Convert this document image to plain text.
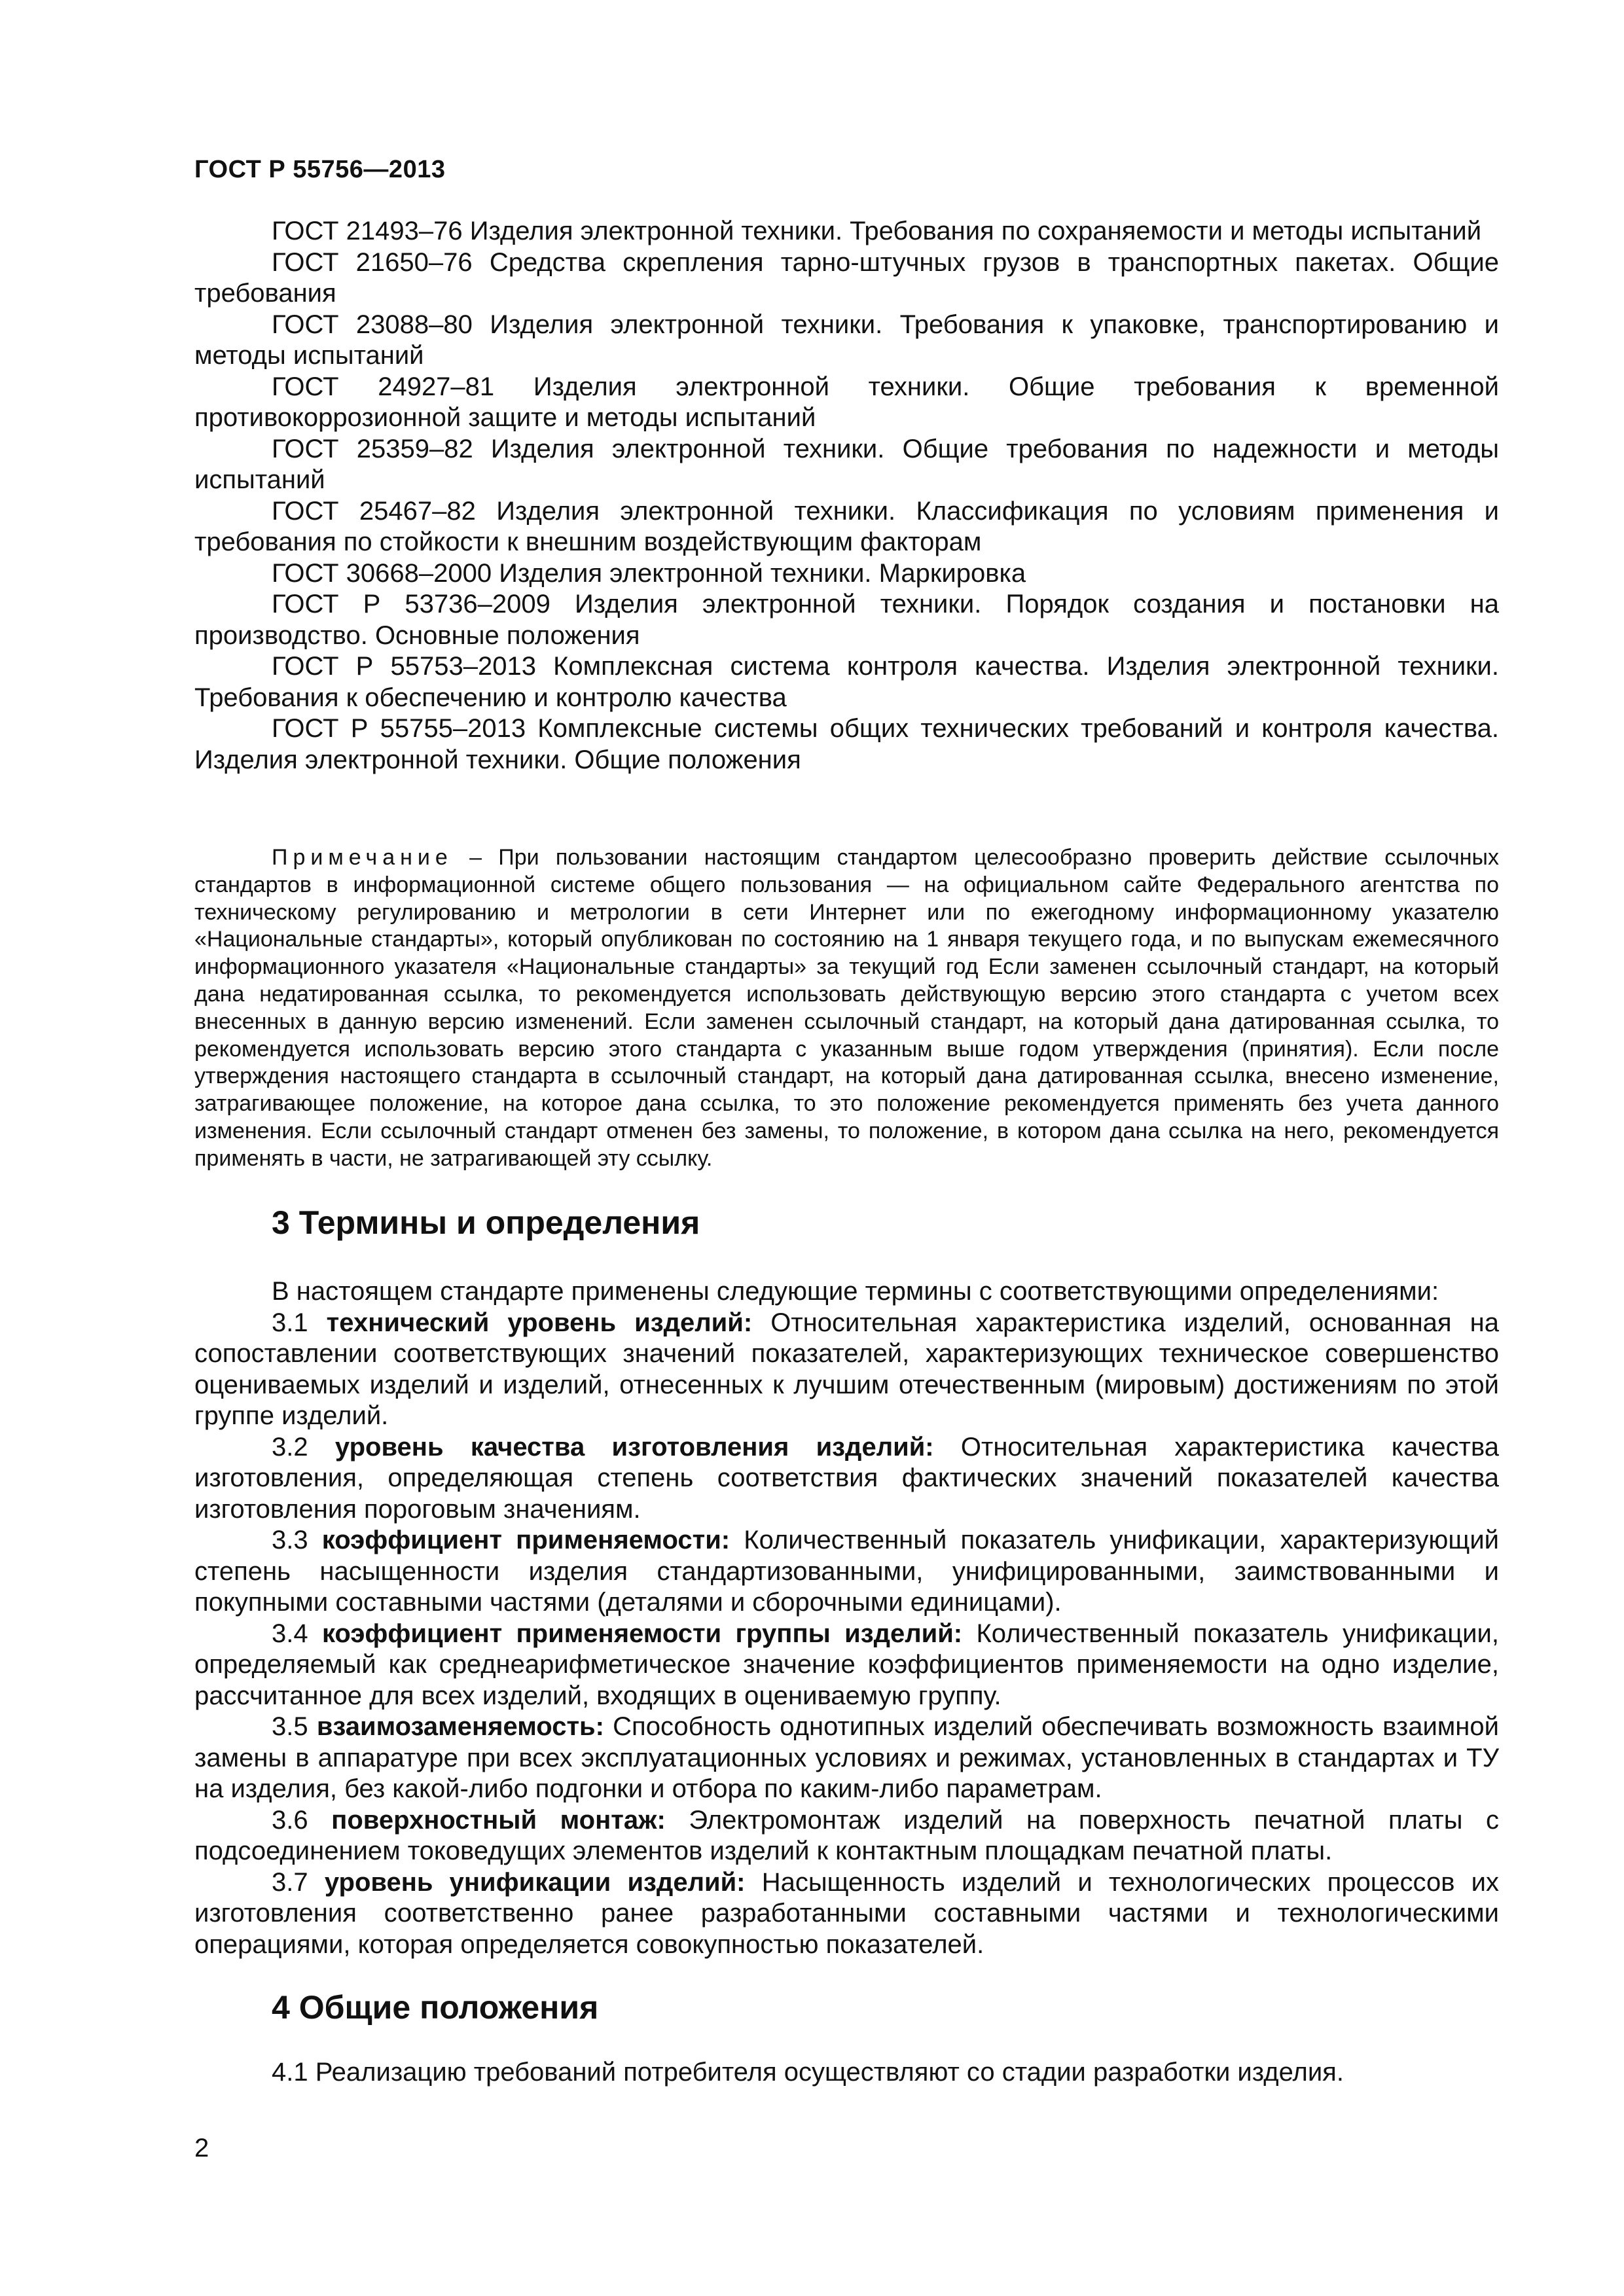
ГОСТ Р 55756—2013

ГОСТ 21493–76 Изделия электронной техники. Требования по сохраняемости и методы испытаний

ГОСТ 21650–76 Средства скрепления тарно-штучных грузов в транспортных пакетах. Общие требования

ГОСТ 23088–80 Изделия электронной техники. Требования к упаковке, транспортированию и методы испытаний

ГОСТ 24927–81 Изделия электронной техники. Общие требования к временной противокоррозионной защите и методы испытаний

ГОСТ 25359–82 Изделия электронной техники. Общие требования по надежности и методы испытаний

ГОСТ 25467–82 Изделия электронной техники. Классификация по условиям применения и требования по стойкости к внешним воздействующим факторам

ГОСТ 30668–2000 Изделия электронной техники. Маркировка

ГОСТ Р 53736–2009 Изделия электронной техники. Порядок создания и постановки на производство. Основные положения

ГОСТ Р 55753–2013 Комплексная система контроля качества. Изделия электронной техники. Требования к обеспечению и контролю качества

ГОСТ Р 55755–2013 Комплексные системы общих технических требований и контроля качества. Изделия электронной техники. Общие положения

Примечание – При пользовании настоящим стандартом целесообразно проверить действие ссылочных стандартов в информационной системе общего пользования — на официальном сайте Федерального агентства по техническому регулированию и метрологии в сети Интернет или по ежегодному информационному указателю «Национальные стандарты», который опубликован по состоянию на 1 января текущего года, и по выпускам ежемесячного информационного указателя «Национальные стандарты» за текущий год Если заменен ссылочный стандарт, на который дана недатированная ссылка, то рекомендуется использовать действующую версию этого стандарта с учетом всех внесенных в данную версию изменений. Если заменен ссылочный стандарт, на который дана датированная ссылка, то рекомендуется использовать версию этого стандарта с указанным выше годом утверждения (принятия). Если после утверждения настоящего стандарта в ссылочный стандарт, на который дана датированная ссылка, внесено изменение, затрагивающее положение, на которое дана ссылка, то это положение рекомендуется применять без учета данного изменения. Если ссылочный стандарт отменен без замены, то положение, в котором дана ссылка на него, рекомендуется применять в части, не затрагивающей эту ссылку.

3 Термины и определения

В настоящем стандарте применены следующие термины с соответствующими определениями:

3.1 технический уровень изделий: Относительная характеристика изделий, основанная на сопоставлении соответствующих значений показателей, характеризующих техническое совершенство оцениваемых изделий и изделий, отнесенных к лучшим отечественным (мировым) достижениям по этой группе изделий.

3.2 уровень качества изготовления изделий: Относительная характеристика качества изготовления, определяющая степень соответствия фактических значений показателей качества изготовления пороговым значениям.

3.3 коэффициент применяемости: Количественный показатель унификации, характеризующий степень насыщенности изделия стандартизованными, унифицированными, заимствованными и покупными составными частями (деталями и сборочными единицами).

3.4 коэффициент применяемости группы изделий: Количественный показатель унификации, определяемый как среднеарифметическое значение коэффициентов применяемости на одно изделие, рассчитанное для всех изделий, входящих в оцениваемую группу.

3.5 взаимозаменяемость: Способность однотипных изделий обеспечивать возможность взаимной замены в аппаратуре при всех эксплуатационных условиях и режимах, установленных в стандартах и ТУ на изделия, без какой-либо подгонки и отбора по каким-либо параметрам.

3.6 поверхностный монтаж: Электромонтаж изделий на поверхность печатной платы с подсоединением токоведущих элементов изделий к контактным площадкам печатной платы.

3.7 уровень унификации изделий: Насыщенность изделий и технологических процессов их изготовления соответственно ранее разработанными составными частями и технологическими операциями, которая определяется совокупностью показателей.

4 Общие положения

4.1 Реализацию требований потребителя осуществляют со стадии разработки изделия.

2
